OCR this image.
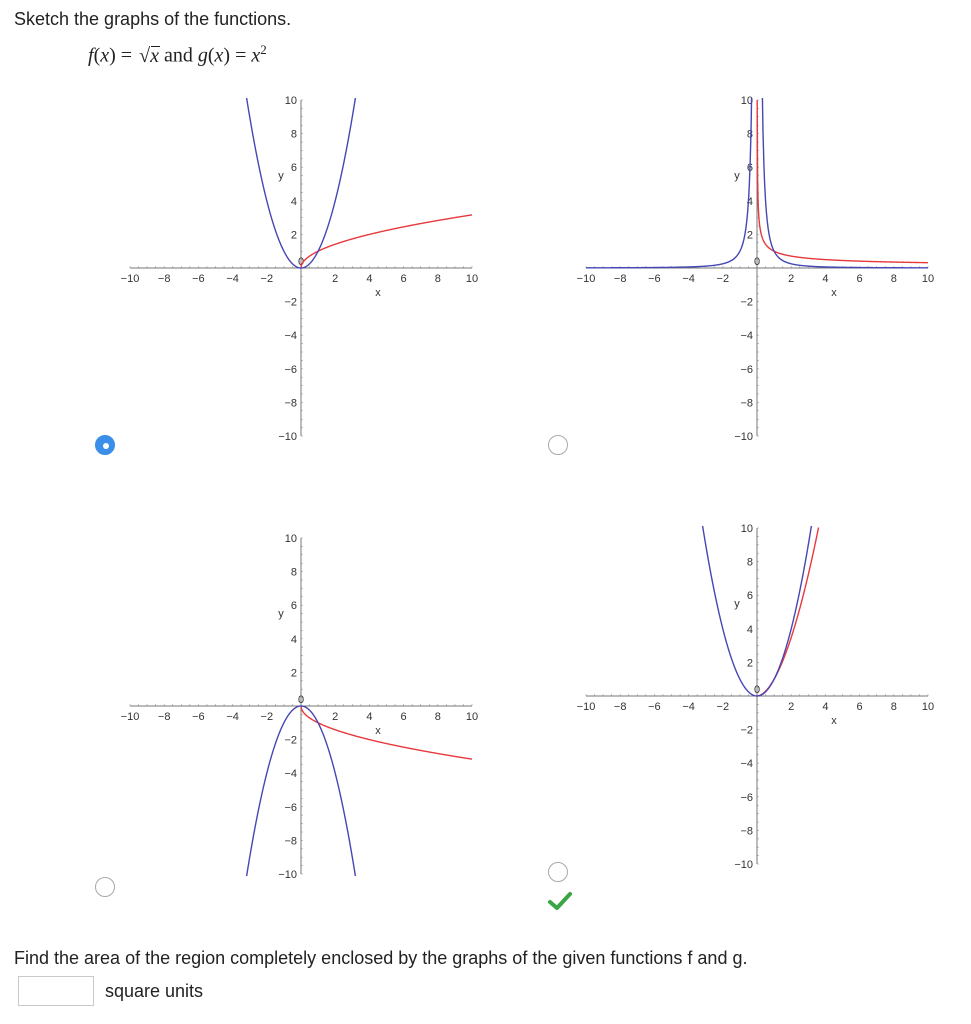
Sketch the graphs of the functions.

f(x) = √
x and $g(x) = x^2$
−10 −8 −6 −4 −2
0
2	4	6	8 10
−10
−8
−6
−4
−2
2
4
6
8
10
x
y
−10 −8 −6 −4 −2
0
2	4	6	8 10
−10
−8
−6
−4
−2
2
4
6
8
10
x
y
−10 −8 −6 −4 −2
0
2	4	6	8 10
−10
−8
−6
−4
−2
2
4
6
8
10
x
y
−10 −8 −6 −4 −2
0
2	4	6	8 10
−10
−8
−6
−4
−2
2
4
6
8
10
x
y

Find the area of the region completely enclosed by the graphs of the given functions f and g.

square units
